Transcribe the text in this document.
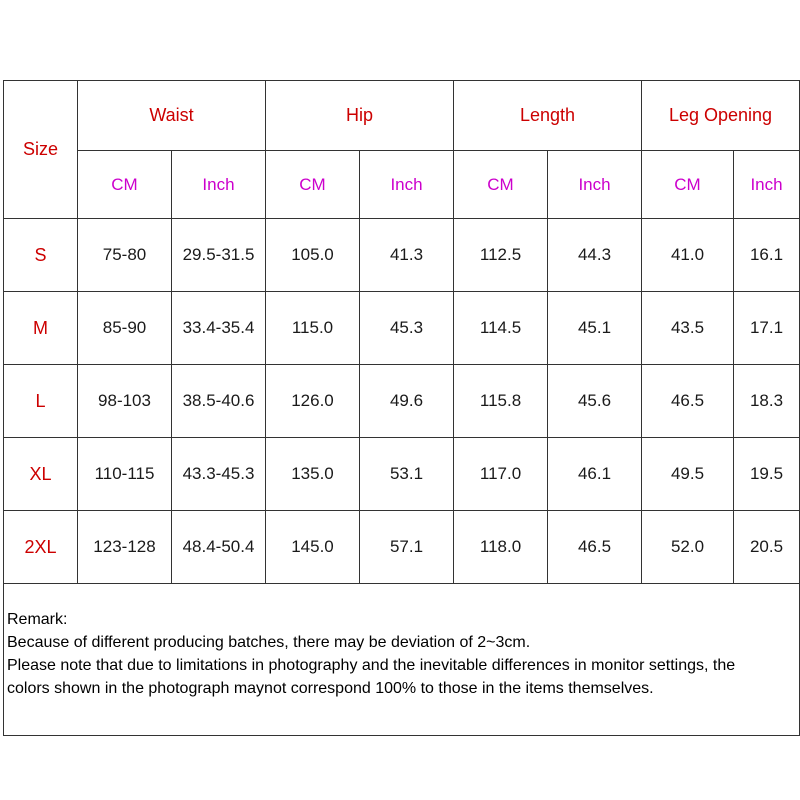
Size	Waist		Hip		Length		Leg Opening	
	CM	Inch	CM	Inch	CM	Inch	CM	Inch
S	75-80	29.5-31.5	105.0	41.3	112.5	44.3	41.0	16.1
M	85-90	33.4-35.4	115.0	45.3	114.5	45.1	43.5	17.1
L	98-103	38.5-40.6	126.0	49.6	115.8	45.6	46.5	18.3
XL	110-115	43.3-45.3	135.0	53.1	117.0	46.1	49.5	19.5
2XL	123-128	48.4-50.4	145.0	57.1	118.0	46.5	52.0	20.5

Remark:
Because of different producing batches, there may be deviation of 2~3cm.
Please note that due to limitations in photography and the inevitable differences in monitor settings, the
colors shown in the photograph maynot correspond 100% to those in the items themselves.								
